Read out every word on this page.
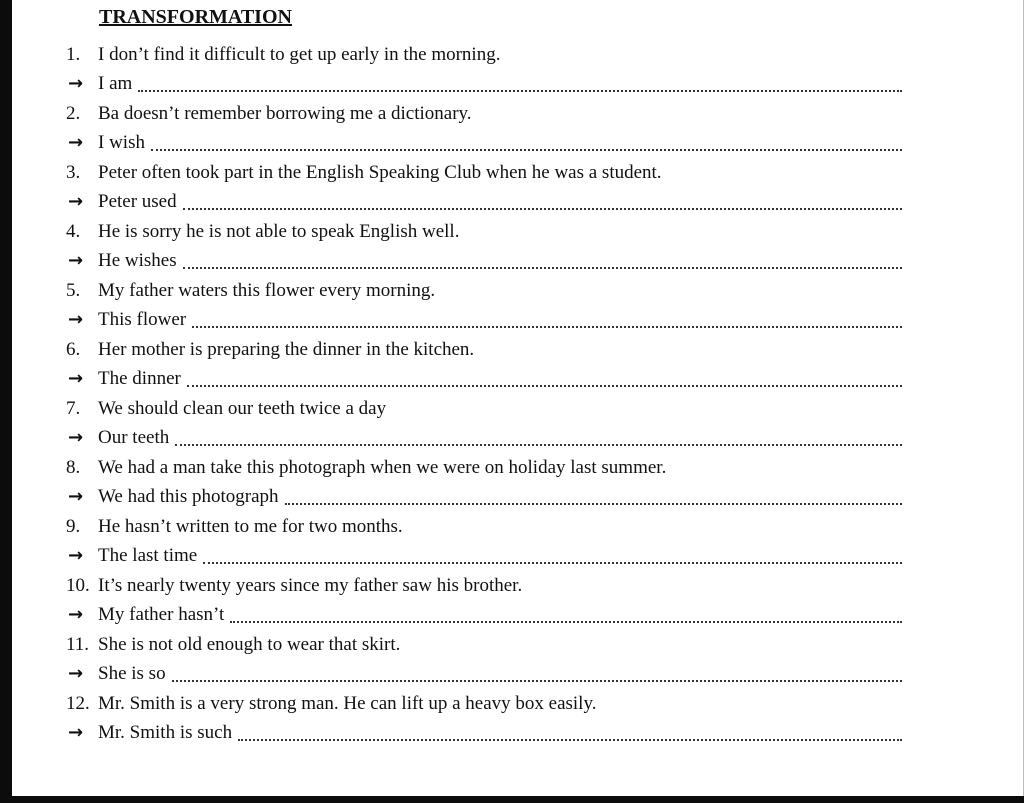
TRANSFORMATION
1. I don’t find it difficult to get up early in the morning.
→ I am
2. Ba doesn’t remember borrowing me a dictionary.
→ I wish
3. Peter often took part in the English Speaking Club when he was a student.
→ Peter used
4. He is sorry he is not able to speak English well.
→ He wishes
5. My father waters this flower every morning.
→ This flower
6. Her mother is preparing the dinner in the kitchen.
→ The dinner
7. We should clean our teeth twice a day
→ Our teeth
8. We had a man take this photograph when we were on holiday last summer.
→ We had this photograph
9. He hasn’t written to me for two months.
→ The last time
10. It’s nearly twenty years since my father saw his brother.
→ My father hasn’t
11. She is not old enough to wear that skirt.
→ She is so
12. Mr. Smith is a very strong man. He can lift up a heavy box easily.
→ Mr. Smith is such
